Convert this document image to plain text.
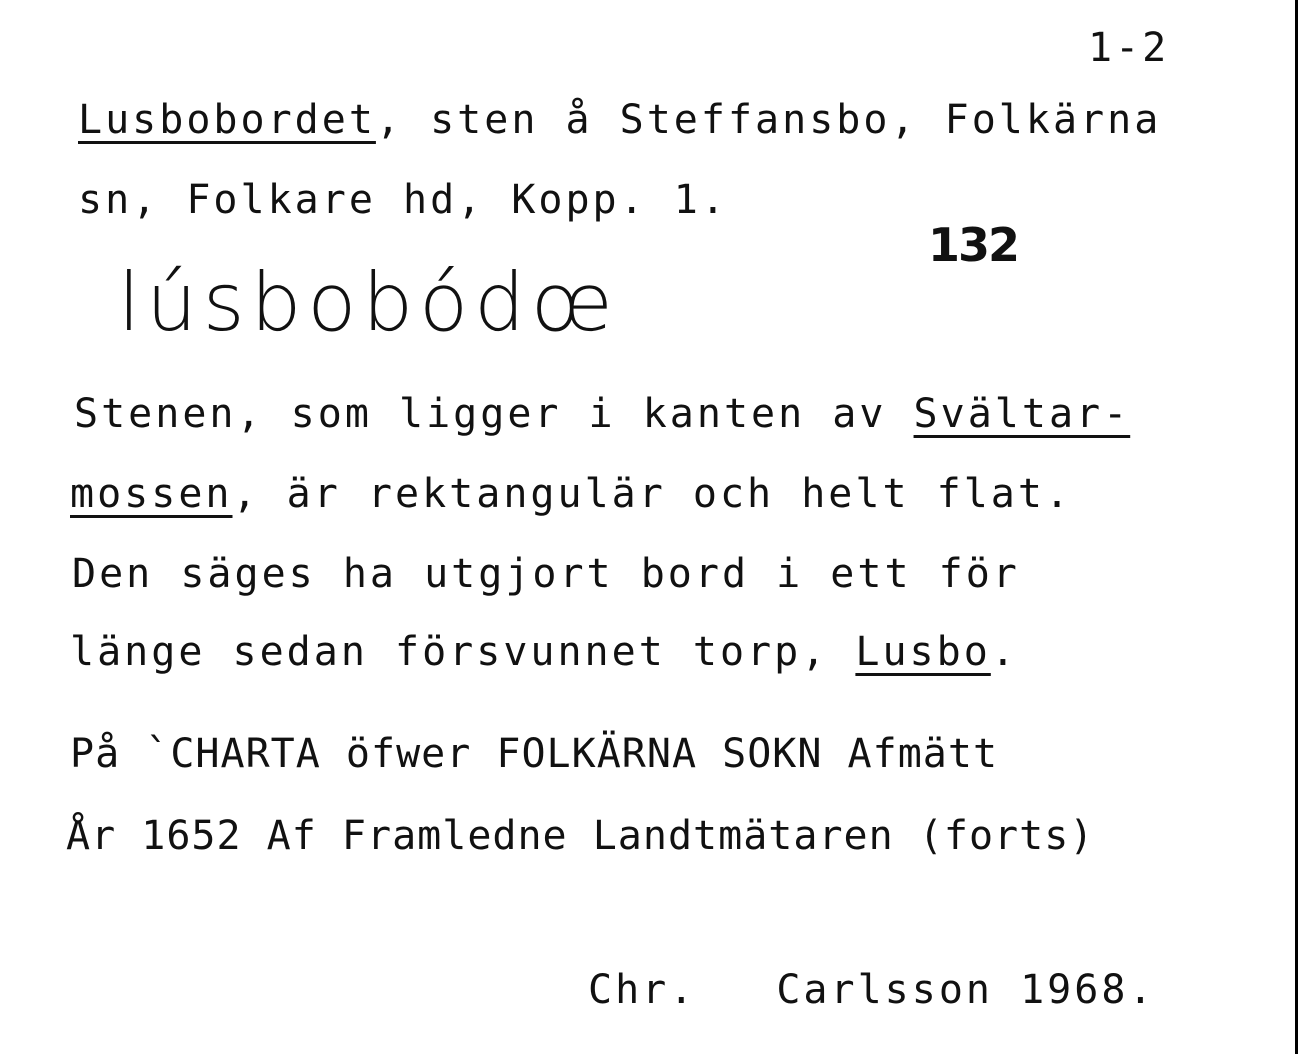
1-2
Lusbobordet, sten å Steffansbo, Folkärna
sn, Folkare hd, Kopp. 1.
132
lúsbobódœ
Stenen, som ligger i kanten av Svältar-
mossen, är rektangulär och helt flat.
Den säges ha utgjort bord i ett för
länge sedan försvunnet torp, Lusbo.
På `CHARTA öfwer FOLKÄRNA SOKN Afmätt
År 1652 Af Framledne Landtmätaren (forts)
Chr. Carlsson 1968.
